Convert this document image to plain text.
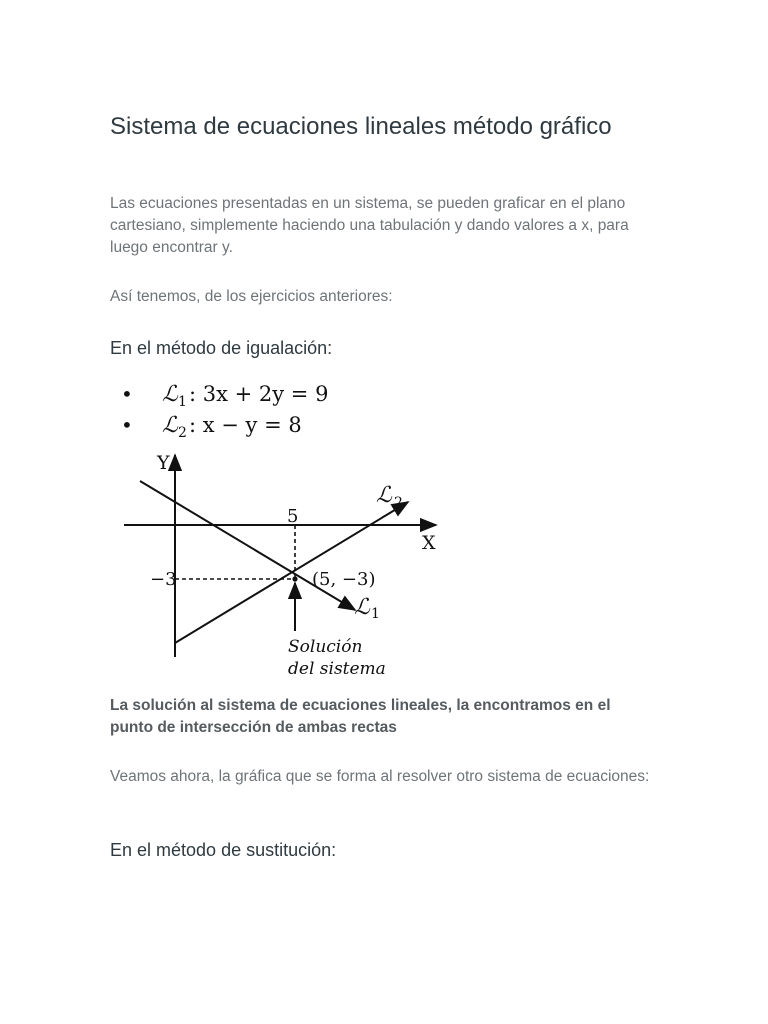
Sistema de ecuaciones lineales método gráfico

Las ecuaciones presentadas en un sistema, se pueden graficar en el plano cartesiano, simplemente haciendo una tabulación y dando valores a x, para luego encontrar y.

Así tenemos, de los ejercicios anteriores:

En el método de igualación:

La solución al sistema de ecuaciones lineales, la encontramos en el punto de intersección de ambas rectas

Veamos ahora, la gráfica que se forma al resolver otro sistema de ecuaciones:

En el método de sustitución:
• ℒ 1 : 3x + 2y = 9
• ℒ 2 : x − y = 8
Y
X
5
−3	(5, −3)
ℒ 1
ℒ 2
Solución
del sistema
